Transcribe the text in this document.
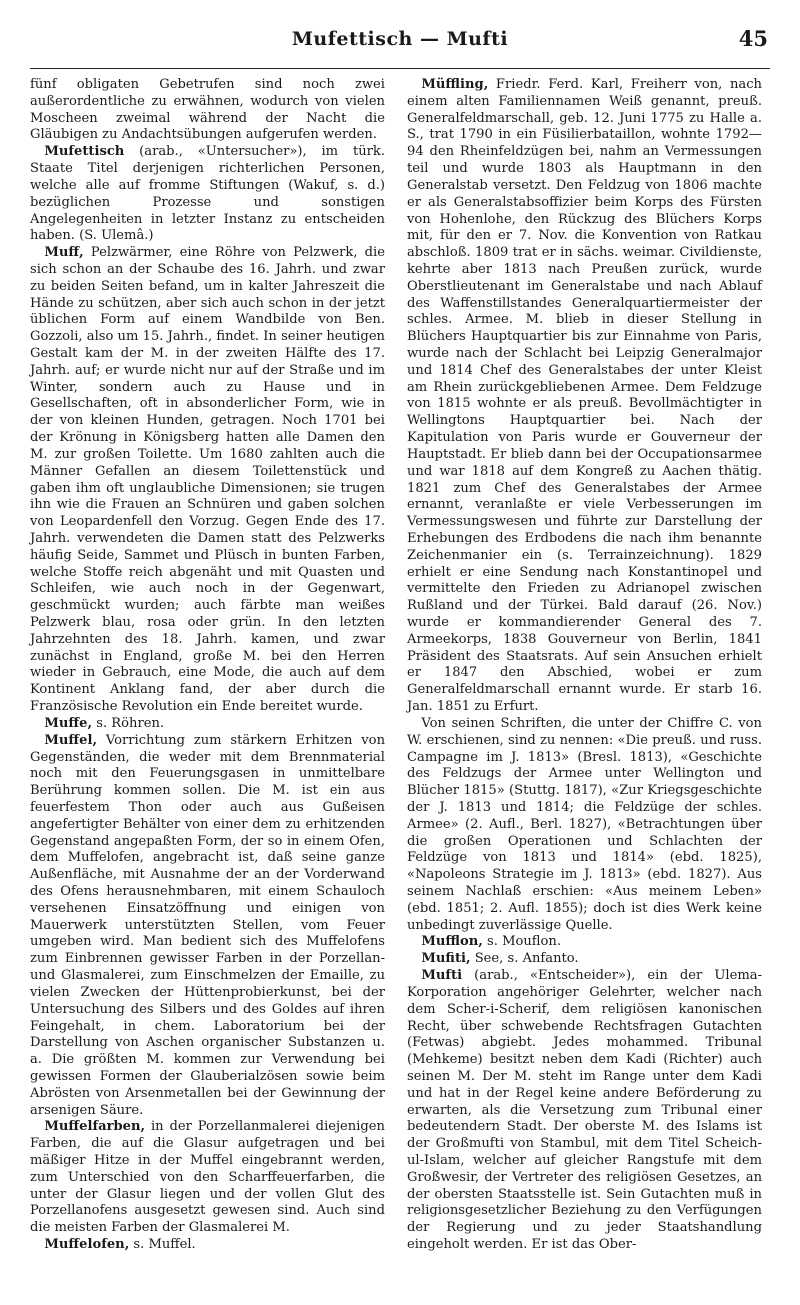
Mufettisch — Mufti	45

fünf obligaten Gebetrufen sind noch zwei außerordentliche zu erwähnen, wodurch von vielen Moscheen zweimal während der Nacht die Gläubigen zu Andachtsübungen aufgerufen werden.

Mufettisch (arab., «Untersucher»), im türk. Staate Titel derjenigen richterlichen Personen, welche alle auf fromme Stiftungen (Wakuf, s. d.) bezüglichen Prozesse und sonstigen Angelegenheiten in letzter Instanz zu entscheiden haben. (S. Ulemâ.)

Muff, Pelzwärmer, eine Röhre von Pelzwerk, die sich schon an der Schaube des 16. Jahrh. und zwar zu beiden Seiten befand, um in kalter Jahreszeit die Hände zu schützen, aber sich auch schon in der jetzt üblichen Form auf einem Wandbilde von Ben. Gozzoli, also um 15. Jahrh., findet. In seiner heutigen Gestalt kam der M. in der zweiten Hälfte des 17. Jahrh. auf; er wurde nicht nur auf der Straße und im Winter, sondern auch zu Hause und in Gesellschaften, oft in absonderlicher Form, wie in der von kleinen Hunden, getragen. Noch 1701 bei der Krönung in Königsberg hatten alle Damen den M. zur großen Toilette. Um 1680 zahlten auch die Männer Gefallen an diesem Toilettenstück und gaben ihm oft unglaubliche Dimensionen; sie trugen ihn wie die Frauen an Schnüren und gaben solchen von Leopardenfell den Vorzug. Gegen Ende des 17. Jahrh. verwendeten die Damen statt des Pelzwerks häufig Seide, Sammet und Plüsch in bunten Farben, welche Stoffe reich abgenäht und mit Quasten und Schleifen, wie auch noch in der Gegenwart, geschmückt wurden; auch färbte man weißes Pelzwerk blau, rosa oder grün. In den letzten Jahrzehnten des 18. Jahrh. kamen, und zwar zunächst in England, große M. bei den Herren wieder in Gebrauch, eine Mode, die auch auf dem Kontinent Anklang fand, der aber durch die Französische Revolution ein Ende bereitet wurde.

Muffe, s. Röhren.

Muffel, Vorrichtung zum stärkern Erhitzen von Gegenständen, die weder mit dem Brennmaterial noch mit den Feuerungsgasen in unmittelbare Berührung kommen sollen. Die M. ist ein aus feuerfestem Thon oder auch aus Gußeisen angefertigter Behälter von einer dem zu erhitzenden Gegenstand angepaßten Form, der so in einem Ofen, dem Muffelofen, angebracht ist, daß seine ganze Außenfläche, mit Ausnahme der an der Vorderwand des Ofens herausnehmbaren, mit einem Schauloch versehenen Einsatzöffnung und einigen von Mauerwerk unterstützten Stellen, vom Feuer umgeben wird. Man bedient sich des Muffelofens zum Einbrennen gewisser Farben in der Porzellan- und Glasmalerei, zum Einschmelzen der Emaille, zu vielen Zwecken der Hüttenprobierkunst, bei der Untersuchung des Silbers und des Goldes auf ihren Feingehalt, in chem. Laboratorium bei der Darstellung von Aschen organischer Substanzen u. a. Die größten M. kommen zur Verwendung bei gewissen Formen der Glauberialzösen sowie beim Abrösten von Arsenmetallen bei der Gewinnung der arsenigen Säure.

Muffelfarben, in der Porzellanmalerei diejenigen Farben, die auf die Glasur aufgetragen und bei mäßiger Hitze in der Muffel eingebrannt werden, zum Unterschied von den Scharffeuerfarben, die unter der Glasur liegen und der vollen Glut des Porzellanofens ausgesetzt gewesen sind. Auch sind die meisten Farben der Glasmalerei M.

Muffelofen, s. Muffel.

Müffling, Friedr. Ferd. Karl, Freiherr von, nach einem alten Familiennamen Weiß genannt, preuß. Generalfeldmarschall, geb. 12. Juni 1775 zu Halle a. S., trat 1790 in ein Füsilierbataillon, wohnte 1792—94 den Rheinfeldzügen bei, nahm an Vermessungen teil und wurde 1803 als Hauptmann in den Generalstab versetzt. Den Feldzug von 1806 machte er als Generalstabsoffizier beim Korps des Fürsten von Hohenlohe, den Rückzug des Blüchers Korps mit, für den er 7. Nov. die Konvention von Ratkau abschloß. 1809 trat er in sächs. weimar. Civildienste, kehrte aber 1813 nach Preußen zurück, wurde Oberstlieutenant im Generalstabe und nach Ablauf des Waffenstillstandes Generalquartiermeister der schles. Armee. M. blieb in dieser Stellung in Blüchers Hauptquartier bis zur Einnahme von Paris, wurde nach der Schlacht bei Leipzig Generalmajor und 1814 Chef des Generalstabes der unter Kleist am Rhein zurückgebliebenen Armee. Dem Feldzuge von 1815 wohnte er als preuß. Bevollmächtigter in Wellingtons Hauptquartier bei. Nach der Kapitulation von Paris wurde er Gouverneur der Hauptstadt. Er blieb dann bei der Occupationsarmee und war 1818 auf dem Kongreß zu Aachen thätig. 1821 zum Chef des Generalstabes der Armee ernannt, veranlaßte er viele Verbesserungen im Vermessungswesen und führte zur Darstellung der Erhebungen des Erdbodens die nach ihm benannte Zeichenmanier ein (s. Terrainzeichnung). 1829 erhielt er eine Sendung nach Konstantinopel und vermittelte den Frieden zu Adrianopel zwischen Rußland und der Türkei. Bald darauf (26. Nov.) wurde er kommandierender General des 7. Armeekorps, 1838 Gouverneur von Berlin, 1841 Präsident des Staatsrats. Auf sein Ansuchen erhielt er 1847 den Abschied, wobei er zum Generalfeldmarschall ernannt wurde. Er starb 16. Jan. 1851 zu Erfurt.

Von seinen Schriften, die unter der Chiffre C. von W. erschienen, sind zu nennen: «Die preuß. und russ. Campagne im J. 1813» (Bresl. 1813), «Geschichte des Feldzugs der Armee unter Wellington und Blücher 1815» (Stuttg. 1817), «Zur Kriegsgeschichte der J. 1813 und 1814; die Feldzüge der schles. Armee» (2. Aufl., Berl. 1827), «Betrachtungen über die großen Operationen und Schlachten der Feldzüge von 1813 und 1814» (ebd. 1825), «Napoleons Strategie im J. 1813» (ebd. 1827). Aus seinem Nachlaß erschien: «Aus meinem Leben» (ebd. 1851; 2. Aufl. 1855); doch ist dies Werk keine unbedingt zuverlässige Quelle.

Mufflon, s. Mouflon.

Mufiti, See, s. Anfanto.

Mufti (arab., «Entscheider»), ein der Ulema-Korporation angehöriger Gelehrter, welcher nach dem Scher-i-Scherif, dem religiösen kanonischen Recht, über schwebende Rechtsfragen Gutachten (Fetwas) abgiebt. Jedes mohammed. Tribunal (Mehkeme) besitzt neben dem Kadi (Richter) auch seinen M. Der M. steht im Range unter dem Kadi und hat in der Regel keine andere Beförderung zu erwarten, als die Versetzung zum Tribunal einer bedeutendern Stadt. Der oberste M. des Islams ist der Großmufti von Stambul, mit dem Titel Scheich-ul-Islam, welcher auf gleicher Rangstufe mit dem Großwesir, der Vertreter des religiösen Gesetzes, an der obersten Staatsstelle ist. Sein Gutachten muß in religionsgesetzlicher Beziehung zu den Verfügungen der Regierung und zu jeder Staatshandlung eingeholt werden. Er ist das Ober-
